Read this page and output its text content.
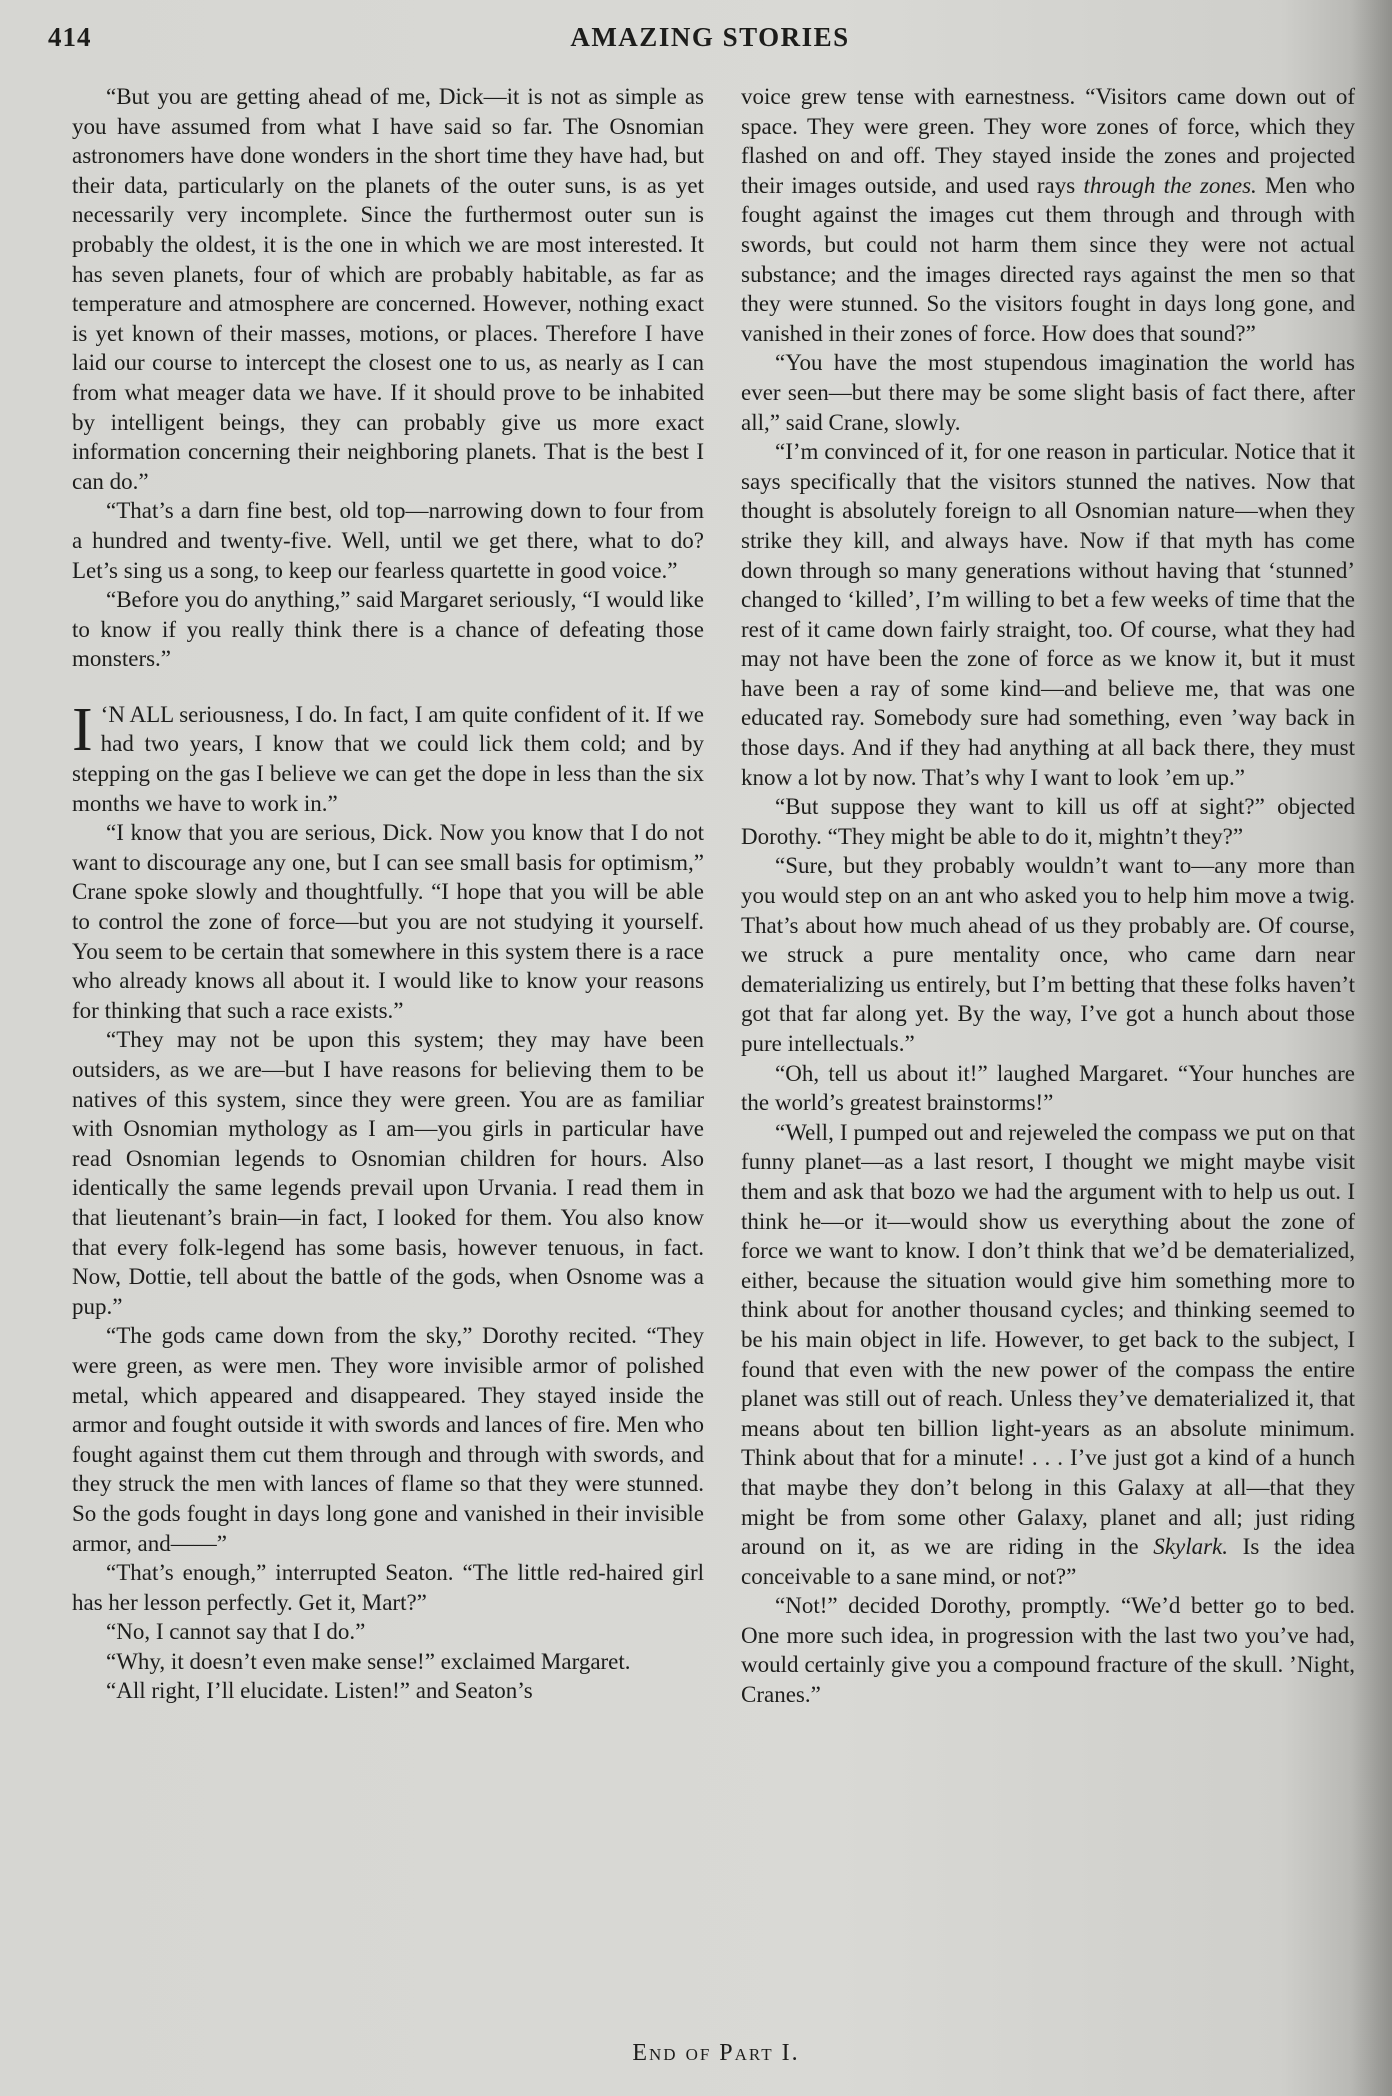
414	AMAZING STORIES

“But you are getting ahead of me, Dick—it is not as simple as you have assumed from what I have said so far. The Osnomian astronomers have done wonders in the short time they have had, but their data, particularly on the planets of the outer suns, is as yet necessarily very incomplete. Since the furthermost outer sun is probably the oldest, it is the one in which we are most interested. It has seven planets, four of which are probably habitable, as far as temperature and atmosphere are concerned. However, nothing exact is yet known of their masses, motions, or places. Therefore I have laid our course to intercept the closest one to us, as nearly as I can from what meager data we have. If it should prove to be inhabited by intelligent beings, they can probably give us more exact information concerning their neighboring planets. That is the best I can do.”

“That’s a darn fine best, old top—narrowing down to four from a hundred and twenty-five. Well, until we get there, what to do? Let’s sing us a song, to keep our fearless quartette in good voice.”

“Before you do anything,” said Margaret seriously, “I would like to know if you really think there is a chance of defeating those monsters.”

‘
I N ALL seriousness, I do. In fact, I am quite confident of it. If we had two years, I know that we could lick them cold; and by stepping on the gas I believe we can get the dope in less than the six months we have to work in.”

“I know that you are serious, Dick. Now you know that I do not want to discourage any one, but I can see small basis for optimism,” Crane spoke slowly and thoughtfully. “I hope that you will be able to control the zone of force—but you are not studying it yourself. You seem to be certain that somewhere in this system there is a race who already knows all about it. I would like to know your reasons for thinking that such a race exists.”

“They may not be upon this system; they may have been outsiders, as we are—but I have reasons for believing them to be natives of this system, since they were green. You are as familiar with Osnomian mythology as I am—you girls in particular have read Osnomian legends to Osnomian children for hours. Also identically the same legends prevail upon Urvania. I read them in that lieutenant’s brain—in fact, I looked for them. You also know that every folk-legend has some basis, however tenuous, in fact. Now, Dottie, tell about the battle of the gods, when Osnome was a pup.”

“The gods came down from the sky,” Dorothy recited. “They were green, as were men. They wore invisible armor of polished metal, which appeared and disappeared. They stayed inside the armor and fought outside it with swords and lances of fire. Men who fought against them cut them through and through with swords, and they struck the men with lances of flame so that they were stunned. So the gods fought in days long gone and vanished in their invisible armor, and——”

“That’s enough,” interrupted Seaton. “The little red-haired girl has her lesson perfectly. Get it, Mart?”

“No, I cannot say that I do.”

“Why, it doesn’t even make sense!” exclaimed Margaret.

“All right, I’ll elucidate. Listen!” and Seaton’s

voice grew tense with earnestness. “Visitors came down out of space. They were green. They wore zones of force, which they flashed on and off. They stayed inside the zones and projected their images outside, and used rays through the zones. Men who fought against the images cut them through and through with swords, but could not harm them since they were not actual substance; and the images directed rays against the men so that they were stunned. So the visitors fought in days long gone, and vanished in their zones of force. How does that sound?”

“You have the most stupendous imagination the world has ever seen—but there may be some slight basis of fact there, after all,” said Crane, slowly.

“I’m convinced of it, for one reason in particular. Notice that it says specifically that the visitors stunned the natives. Now that thought is absolutely foreign to all Osnomian nature—when they strike they kill, and always have. Now if that myth has come down through so many generations without having that ‘stunned’ changed to ‘killed’, I’m willing to bet a few weeks of time that the rest of it came down fairly straight, too. Of course, what they had may not have been the zone of force as we know it, but it must have been a ray of some kind—and believe me, that was one educated ray. Somebody sure had something, even ’way back in those days. And if they had anything at all back there, they must know a lot by now. That’s why I want to look ’em up.”

“But suppose they want to kill us off at sight?” objected Dorothy. “They might be able to do it, mightn’t they?”

“Sure, but they probably wouldn’t want to—any more than you would step on an ant who asked you to help him move a twig. That’s about how much ahead of us they probably are. Of course, we struck a pure mentality once, who came darn near dematerializing us entirely, but I’m betting that these folks haven’t got that far along yet. By the way, I’ve got a hunch about those pure intellectuals.”

“Oh, tell us about it!” laughed Margaret. “Your hunches are the world’s greatest brainstorms!”

“Well, I pumped out and rejeweled the compass we put on that funny planet—as a last resort, I thought we might maybe visit them and ask that bozo we had the argument with to help us out. I think he—or it—would show us everything about the zone of force we want to know. I don’t think that we’d be dematerialized, either, because the situation would give him something more to think about for another thousand cycles; and thinking seemed to be his main object in life. However, to get back to the subject, I found that even with the new power of the compass the entire planet was still out of reach. Unless they’ve dematerialized it, that means about ten billion light-years as an absolute minimum. Think about that for a minute! . . . I’ve just got a kind of a hunch that maybe they don’t belong in this Galaxy at all—that they might be from some other Galaxy, planet and all; just riding around on it, as we are riding in the Skylark. Is the idea conceivable to a sane mind, or not?”

“Not!” decided Dorothy, promptly. “We’d better go to bed. One more such idea, in progression with the last two you’ve had, would certainly give you a compound fracture of the skull. ’Night, Cranes.”

End of Part I.
